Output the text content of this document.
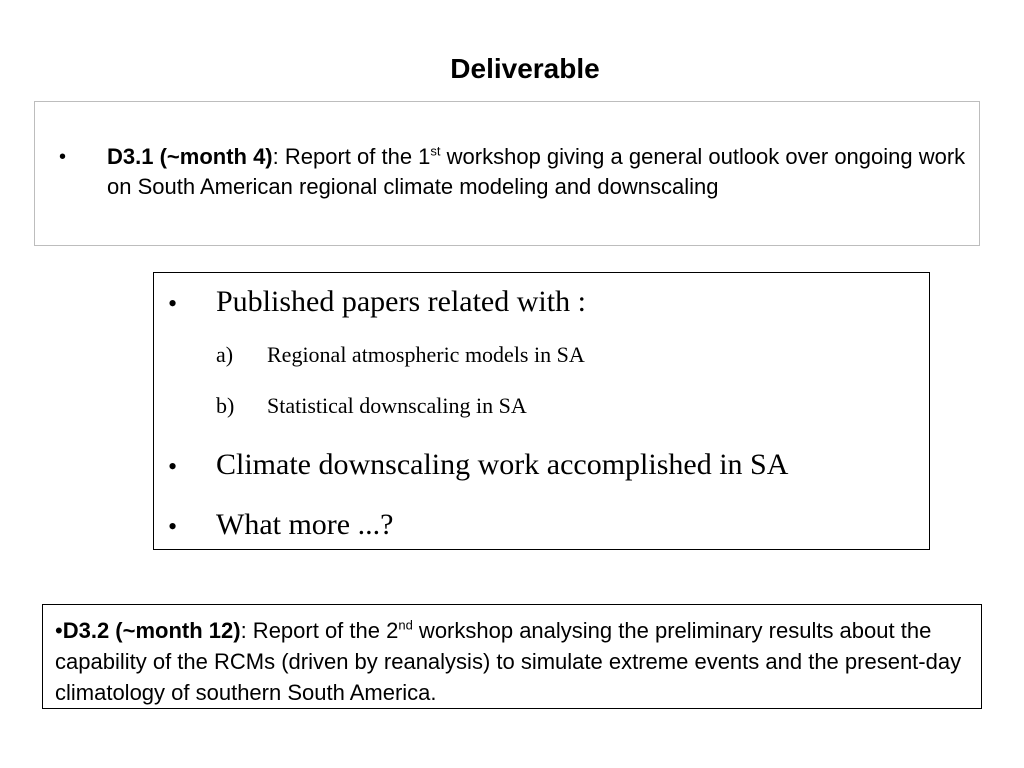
Deliverable
• D3.1 (~month 4): Report of the 1st workshop giving a general outlook over ongoing work on South American regional climate modeling and downscaling
• Published papers related with :
a) Regional atmospheric models in SA
b) Statistical downscaling in SA
• Climate downscaling work accomplished in SA
• What more ...?
•D3.2 (~month 12): Report of the 2nd workshop analysing the preliminary results about the capability of the RCMs (driven by reanalysis) to simulate extreme events and the present-day climatology of southern South America.
